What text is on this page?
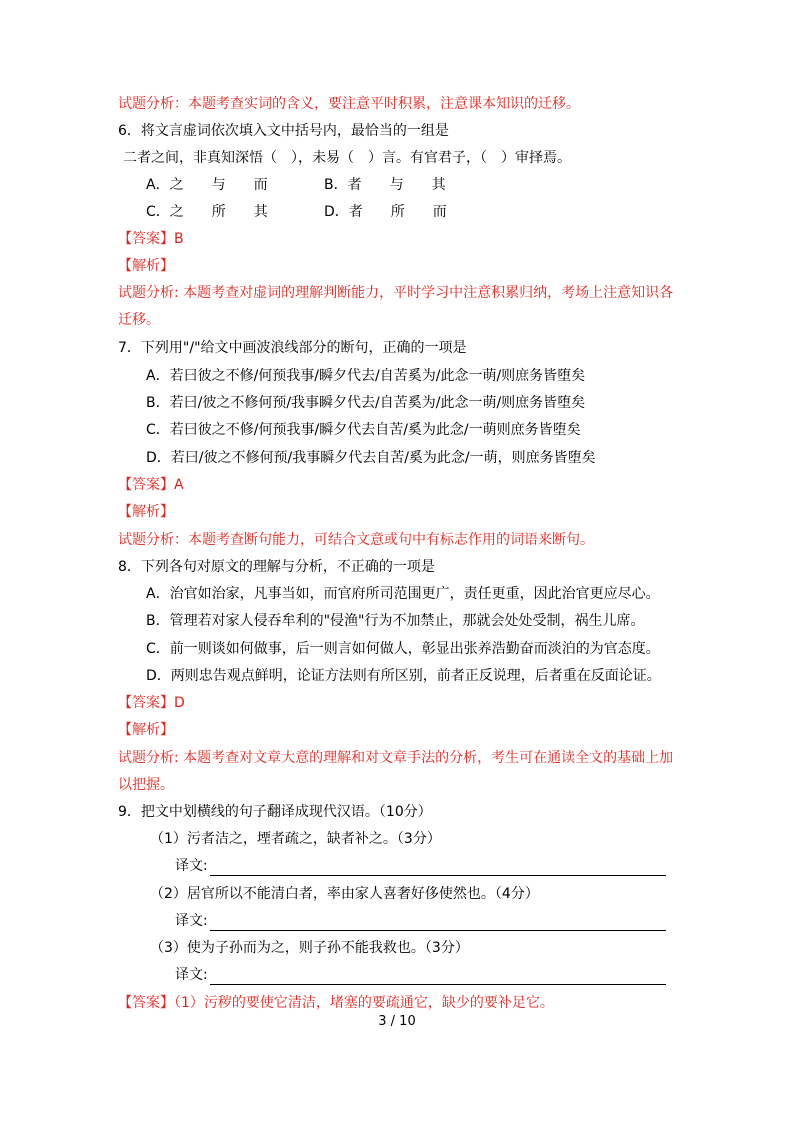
试题分析：本题考查实词的含义，要注意平时积累，注意课本知识的迁移。
6．将文言虚词依次填入文中括号内，最恰当的一组是
二者之间，非真知深悟（　），未易（　）言。有官君子，（　）审择焉。
A．之　　与　　而	B．者　　与　　其
C．之　　所　　其	D．者　　所　　而
【答案】B
【解析】
试题分析: 本题考查对虚词的理解判断能力，平时学习中注意积累归纳，考场上注意知识各
迁移。
7．下列用"/"给文中画波浪线部分的断句，正确的一项是
A．若曰彼之不修/何预我事/瞬夕代去/自苦奚为/此念一萌/则庶务皆堕矣
B．若曰/彼之不修何预/我事瞬夕代去/自苦奚为/此念一萌/则庶务皆堕矣
C．若曰彼之不修/何预我事/瞬夕代去自苦/奚为此念/一萌则庶务皆堕矣
D．若曰/彼之不修何预/我事瞬夕代去自苦/奚为此念/一萌，则庶务皆堕矣
【答案】A
【解析】
试题分析：本题考查断句能力，可结合文意或句中有标志作用的词语来断句。
8．下列各句对原文的理解与分析，不正确的一项是
A．治官如治家，凡事当如，而官府所司范围更广，责任更重，因此治官更应尽心。
B．管理若对家人侵吞牟利的"侵渔"行为不加禁止，那就会处处受制，祸生儿席。
C．前一则谈如何做事，后一则言如何做人，彰显出张养浩勤奋而淡泊的为官态度。
D．两则忠告观点鲜明，论证方法则有所区别，前者正反说理，后者重在反面论证。
【答案】D
【解析】
试题分析: 本题考查对文章大意的理解和对文章手法的分析，考生可在通读全文的基础上加
以把握。
9．把文中划横线的句子翻译成现代汉语。（10分）
（1）污者洁之，堙者疏之，缺者补之。（3分）
译文:
（2）居官所以不能清白者，率由家人喜奢好侈使然也。（4分）
译文:
（3）使为子孙而为之，则子孙不能我救也。（3分）
译文:
【答案】（1）污秽的要使它清洁，堵塞的要疏通它，缺少的要补足它。
3 / 10
